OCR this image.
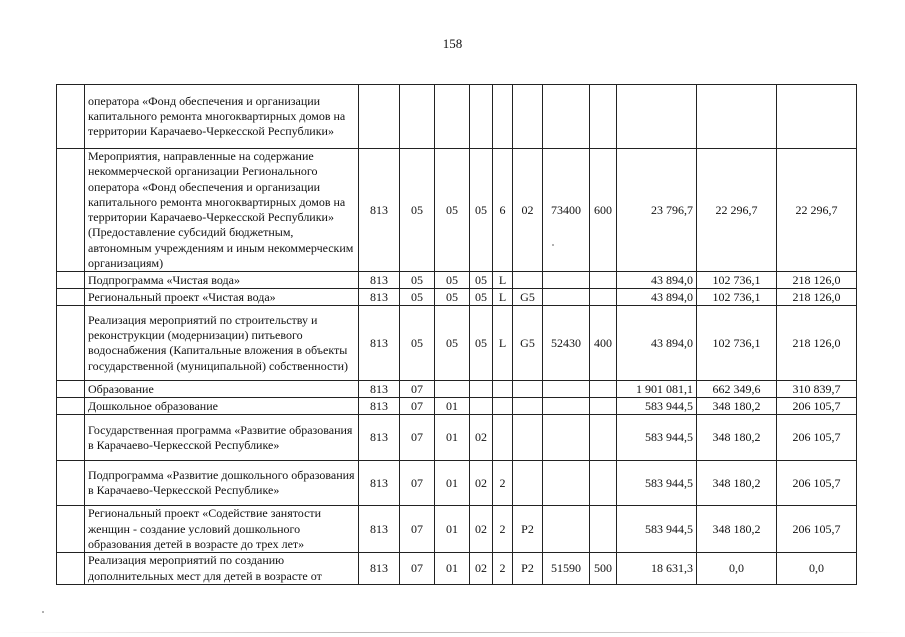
158
	оператора «Фонд обеспечения и организации капитального ремонта многоквартирных домов на территории Карачаево-Черкесской Республики»											
	Мероприятия, направленные на содержание некоммерческой организации Регионального оператора «Фонд обеспечения и организации капитального ремонта многоквартирных домов на территории Карачаево-Черкесской Республики» (Предоставление субсидий бюджетным, автономным учреждениям и иным некоммерческим организациям)	813	05	05	05	6	02	73400	600	23 796,7	22 296,7	22 296,7
	Подпрограмма «Чистая вода»	813	05	05	05	L				43 894,0	102 736,1	218 126,0
	Региональный проект «Чистая вода»	813	05	05	05	L	G5			43 894,0	102 736,1	218 126,0
	Реализация мероприятий по строительству и реконструкции (модернизации) питьевого водоснабжения (Капитальные вложения в объекты государственной (муниципальной) собственности)	813	05	05	05	L	G5	52430	400	43 894,0	102 736,1	218 126,0
	Образование	813	07							1 901 081,1	662 349,6	310 839,7
	Дошкольное образование	813	07	01						583 944,5	348 180,2	206 105,7
	Государственная программа «Развитие образования в Карачаево-Черкесской Республике»	813	07	01	02					583 944,5	348 180,2	206 105,7
	Подпрограмма «Развитие дошкольного образования в Карачаево-Черкесской Республике»	813	07	01	02	2				583 944,5	348 180,2	206 105,7
	Региональный проект «Содействие занятости женщин - создание условий дошкольного образования детей в возрасте до трех лет»	813	07	01	02	2	P2			583 944,5	348 180,2	206 105,7
	Реализация мероприятий по созданию дополнительных мест для детей в возрасте от	813	07	01	02	2	P2	51590	500	18 631,3	0,0	0,0
